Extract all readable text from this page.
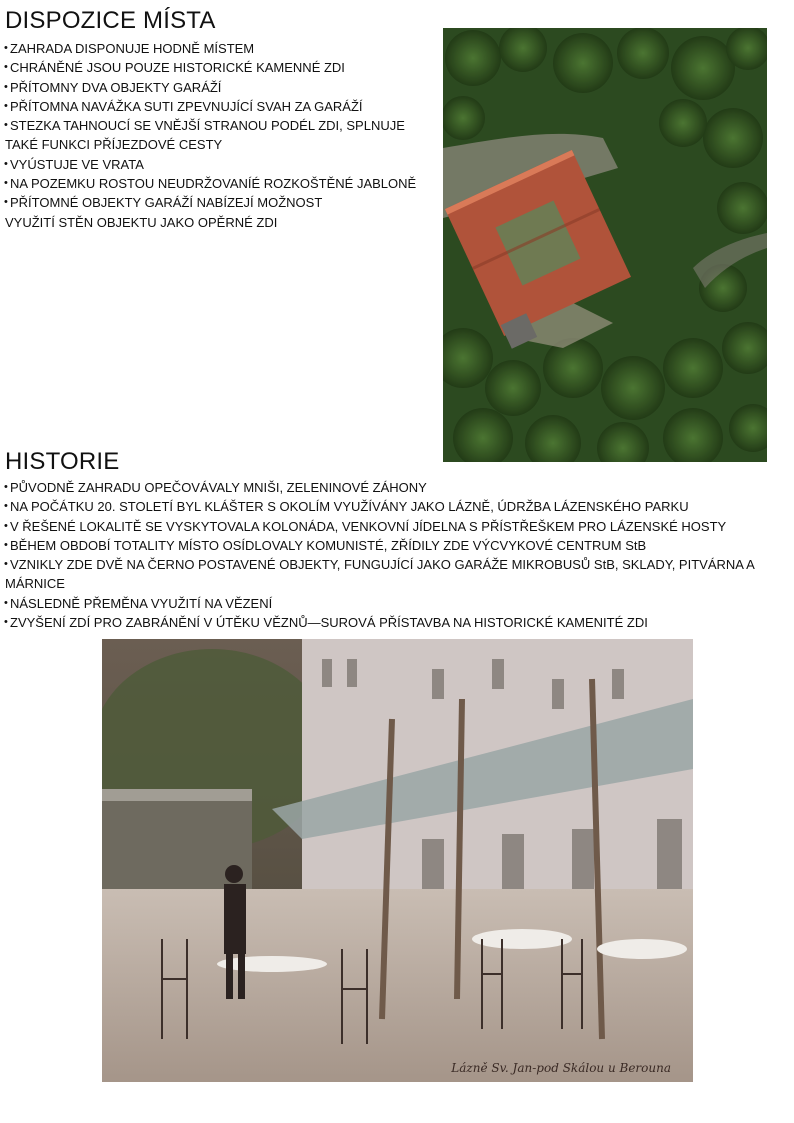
DISPOZICE MÍSTA
• ZAHRADA DISPONUJE HODNĚ MÍSTEM
• CHRÁNĚNÉ JSOU POUZE HISTORICKÉ KAMENNÉ ZDI
• PŘÍTOMNY DVA OBJEKTY GARÁŽÍ
• PŘÍTOMNA NAVÁŽKA SUTI ZPEVNUJÍCÍ SVAH ZA GARÁŽÍ
• STEZKA TAHNOUCÍ SE VNĚJŠÍ STRANOU PODÉL ZDI, SPLNUJE
TAKÉ FUNKCI PŘÍJEZDOVÉ CESTY
• VYÚSTUJE VE VRATA
• NA POZEMKU ROSTOU NEUDRŽOVANÍÉ ROZKOŠTĚNÉ JABLONĚ
• PŘÍTOMNÉ OBJEKTY GARÁŽÍ NABÍZEJÍ MOŽNOST
VYUŽITÍ STĚN OBJEKTU JAKO OPĚRNÉ ZDI
HISTORIE
• PŮVODNĚ ZAHRADU OPEČOVÁVALY MNIŠI, ZELENINOVÉ ZÁHONY
• NA POČÁTKU 20. STOLETÍ BYL KLÁŠTER S OKOLÍM VYUŽÍVÁNY JAKO LÁZNĚ, ÚDRŽBA LÁZENSKÉHO PARKU
• V ŘEŠENÉ LOKALITĚ SE VYSKYTOVALA KOLONÁDA, VENKOVNÍ JÍDELNA S PŘÍSTŘEŠKEM PRO LÁZENSKÉ HOSTY
• BĚHEM OBDOBÍ TOTALITY MÍSTO OSÍDLOVALY KOMUNISTÉ, ZŘÍDILY ZDE VÝCVYKOVÉ CENTRUM StB
• VZNIKLY ZDE DVĚ NA ČERNO POSTAVENÉ OBJEKTY, FUNGUJÍCÍ JAKO GARÁŽE MIKROBUSŮ StB, SKLADY, PITVÁRNA A
MÁRNICE
• NÁSLEDNĚ PŘEMĚNA VYUŽITÍ NA VĚZENÍ
• ZVYŠENÍ ZDÍ PRO ZABRÁNĚNÍ V ÚTĚKU VĚZNŮ—SUROVÁ PŘÍSTAVBA NA HISTORICKÉ KAMENITÉ ZDI
Lázně Sv. Jan-pod Skálou u Berouna
